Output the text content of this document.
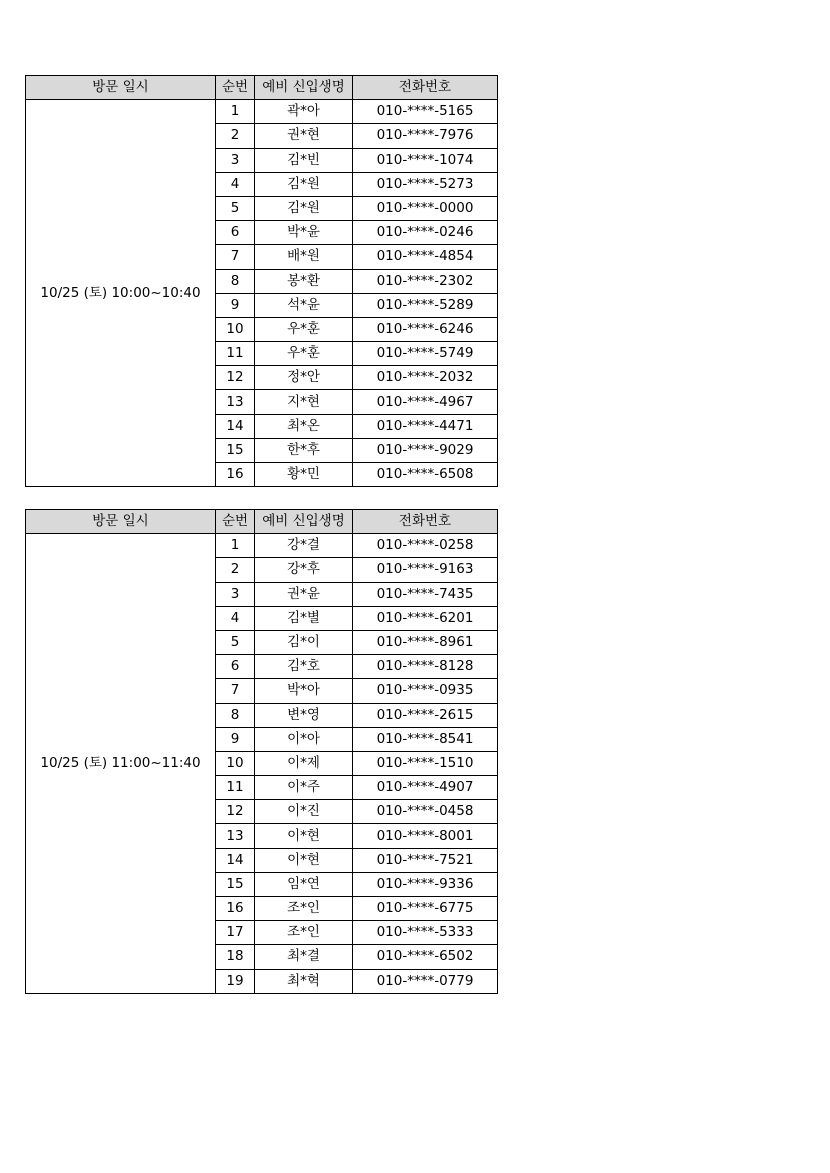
방문 일시	순번	예비 신입생명	전화번호
10/25 (토) 10:00~10:40	1	곽*아	010-****-5165
	2	권*현	010-****-7976
	3	김*빈	010-****-1074
	4	김*원	010-****-5273
	5	김*원	010-****-0000
	6	박*윤	010-****-0246
	7	배*원	010-****-4854
	8	봉*환	010-****-2302
	9	석*윤	010-****-5289
	10	우*훈	010-****-6246
	11	우*훈	010-****-5749
	12	정*안	010-****-2032
	13	지*현	010-****-4967
	14	최*온	010-****-4471
	15	한*후	010-****-9029
	16	황*민	010-****-6508
방문 일시	순번	예비 신입생명	전화번호
10/25 (토) 11:00~11:40	1	강*결	010-****-0258
	2	강*후	010-****-9163
	3	권*윤	010-****-7435
	4	김*별	010-****-6201
	5	김*이	010-****-8961
	6	김*호	010-****-8128
	7	박*아	010-****-0935
	8	변*영	010-****-2615
	9	이*아	010-****-8541
	10	이*제	010-****-1510
	11	이*주	010-****-4907
	12	이*진	010-****-0458
	13	이*현	010-****-8001
	14	이*현	010-****-7521
	15	임*연	010-****-9336
	16	조*인	010-****-6775
	17	조*인	010-****-5333
	18	최*결	010-****-6502
	19	최*혁	010-****-0779
